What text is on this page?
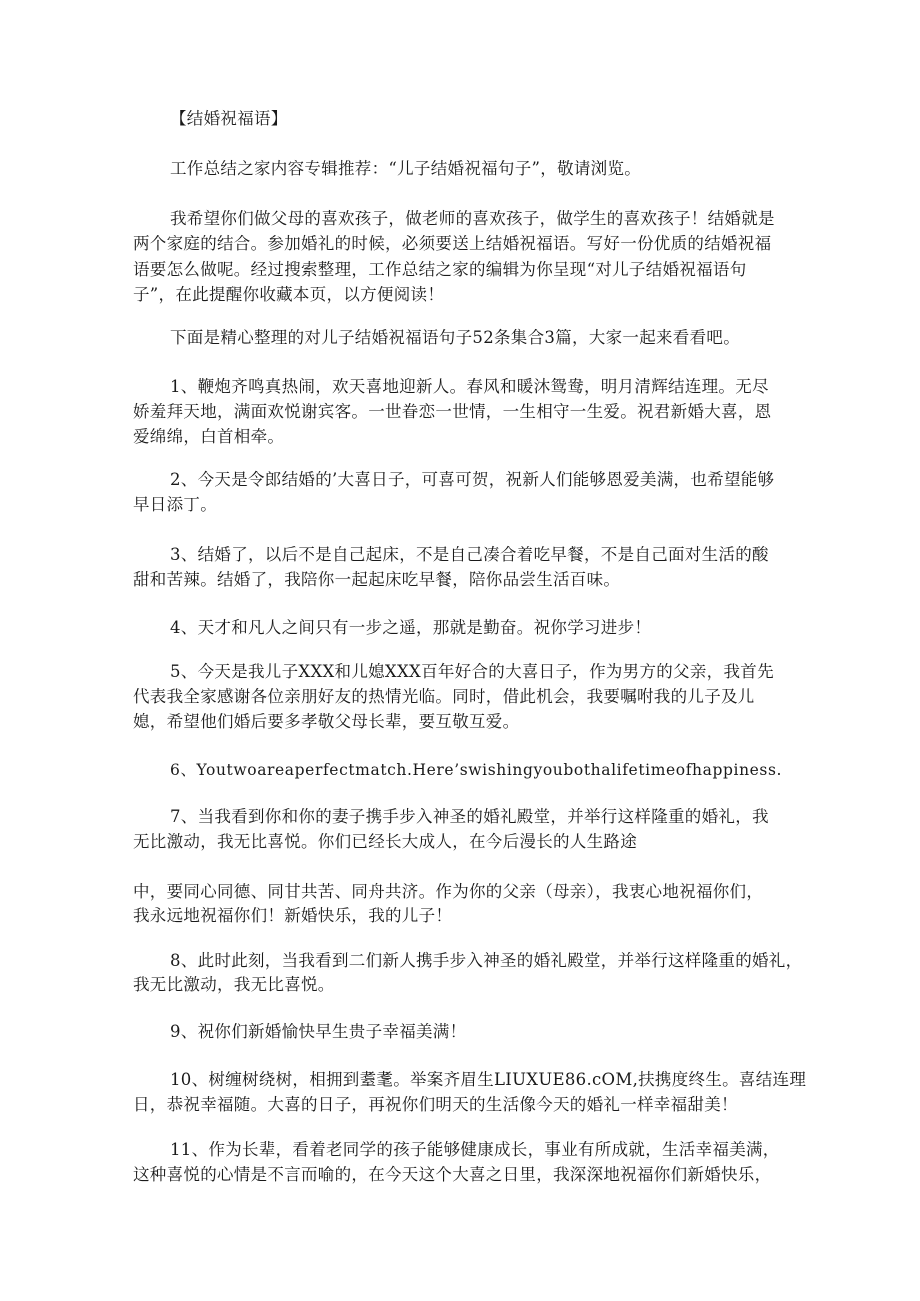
【结婚祝福语】
工作总结之家内容专辑推荐：“儿子结婚祝福句子”，敬请浏览。
我希望你们做父母的喜欢孩子，做老师的喜欢孩子，做学生的喜欢孩子！结婚就是
两个家庭的结合。参加婚礼的时候，必须要送上结婚祝福语。写好一份优质的结婚祝福
语要怎么做呢。经过搜索整理，工作总结之家的编辑为你呈现“对儿子结婚祝福语句
子”，在此提醒你收藏本页，以方便阅读！
下面是精心整理的对儿子结婚祝福语句子52条集合3篇，大家一起来看看吧。
1、鞭炮齐鸣真热闹，欢天喜地迎新人。春风和暖沐鸳鸯，明月清辉结连理。无尽
娇羞拜天地，满面欢悦谢宾客。一世眷恋一世情，一生相守一生爱。祝君新婚大喜，恩
爱绵绵，白首相牵。
2、今天是令郎结婚的’大喜日子，可喜可贺，祝新人们能够恩爱美满，也希望能够
早日添丁。
3、结婚了，以后不是自己起床，不是自己凑合着吃早餐，不是自己面对生活的酸
甜和苦辣。结婚了，我陪你一起起床吃早餐，陪你品尝生活百味。
4、天才和凡人之间只有一步之遥，那就是勤奋。祝你学习进步！
5、今天是我儿子XXX和儿媳XXX百年好合的大喜日子，作为男方的父亲，我首先
代表我全家感谢各位亲朋好友的热情光临。同时，借此机会，我要嘱咐我的儿子及儿
媳，希望他们婚后要多孝敬父母长辈，要互敬互爱。
6、Youtwoareaperfectmatch.Here’swishingyoubothalifetimeofhappiness.
7、当我看到你和你的妻子携手步入神圣的婚礼殿堂，并举行这样隆重的婚礼，我
无比激动，我无比喜悦。你们已经长大成人，在今后漫长的人生路途
中，要同心同德、同甘共苦、同舟共济。作为你的父亲（母亲），我衷心地祝福你们，
我永远地祝福你们！新婚快乐，我的儿子！
8、此时此刻，当我看到二们新人携手步入神圣的婚礼殿堂，并举行这样隆重的婚礼，
我无比激动，我无比喜悦。
9、祝你们新婚愉快早生贵子幸福美满！
10、树缠树绕树，相拥到耋耄。举案齐眉生LIUXUE86.cOM,扶携度终生。喜结连理
日，恭祝幸福随。大喜的日子，再祝你们明天的生活像今天的婚礼一样幸福甜美！
11、作为长辈，看着老同学的孩子能够健康成长，事业有所成就，生活幸福美满，
这种喜悦的心情是不言而喻的，在今天这个大喜之日里，我深深地祝福你们新婚快乐，
